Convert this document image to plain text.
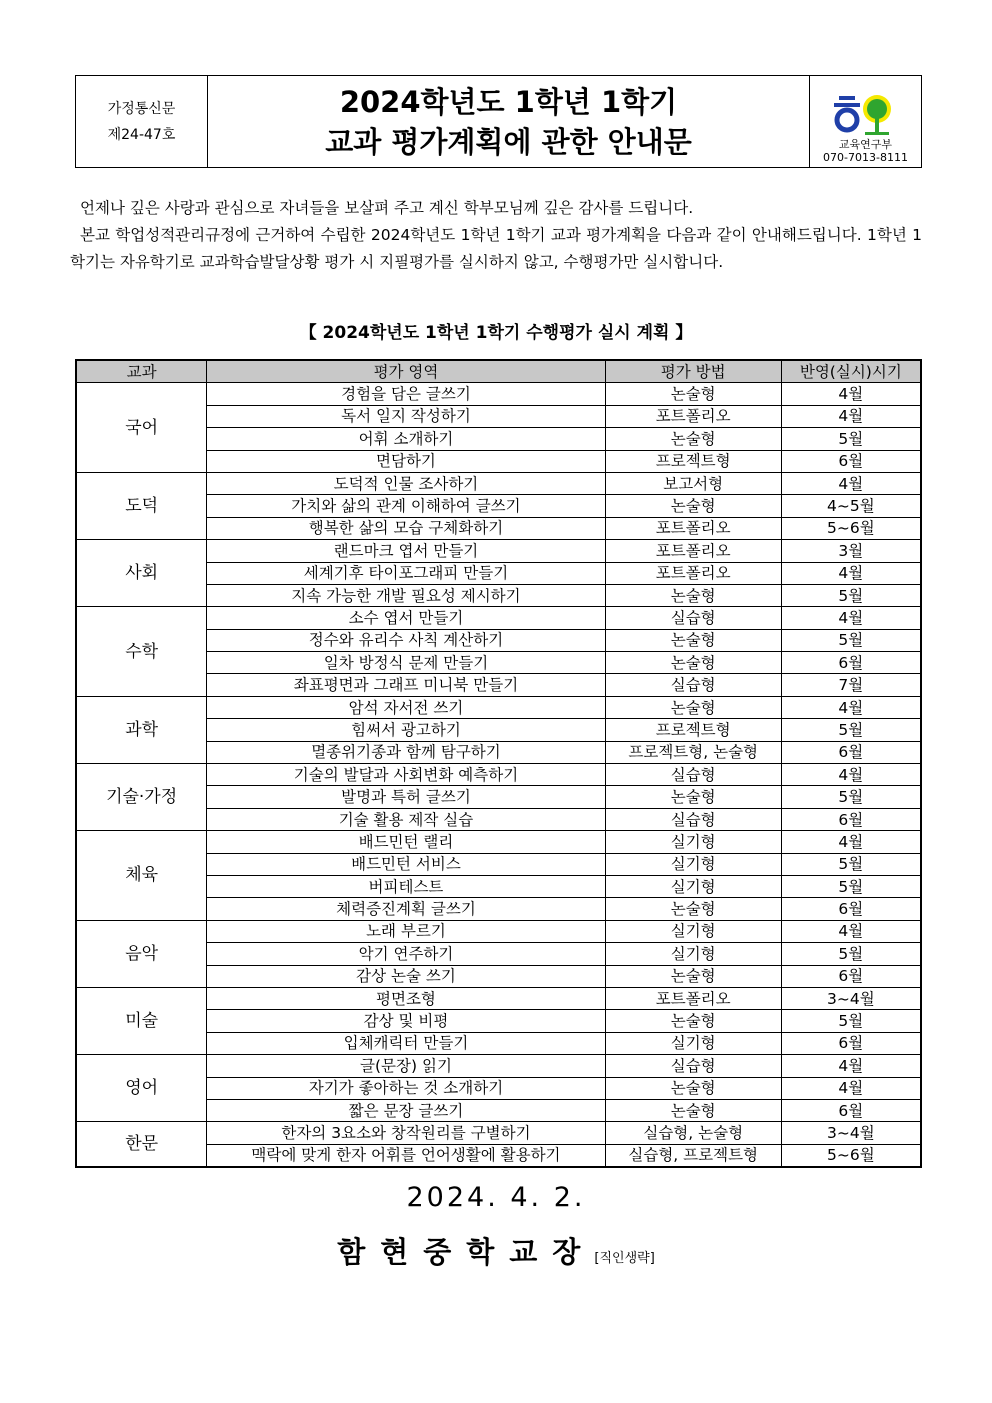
가정통신문
제24-47호
2024학년도 1학년 1학기
교과 평가계획에 관한 안내문	교육연구부
070-7013-8111

언제나 깊은 사랑과 관심으로 자녀들을 보살펴 주고 계신 학부모님께 깊은 감사를 드립니다.

본교 학업성적관리규정에 근거하여 수립한 2024학년도 1학년 1학기 교과 평가계획을 다음과 같이 안내해드립니다. 1학년 1학기는 자유학기로 교과학습발달상황 평가 시 지필평가를 실시하지 않고, 수행평가만 실시합니다.

【 2024학년도 1학년 1학기 수행평가 실시 계획 】
교과	평가 영역	평가 방법	반영(실시)시기
국어	경험을 담은 글쓰기	논술형	4월
	독서 일지 작성하기	포트폴리오	4월
	어휘 소개하기	논술형	5월
	면담하기	프로젝트형	6월
도덕	도덕적 인물 조사하기	보고서형	4월
	가치와 삶의 관계 이해하여 글쓰기	논술형	4~5월
	행복한 삶의 모습 구체화하기	포트폴리오	5~6월
사회	랜드마크 엽서 만들기	포트폴리오	3월
	세계기후 타이포그래피 만들기	포트폴리오	4월
	지속 가능한 개발 필요성 제시하기	논술형	5월
수학	소수 엽서 만들기	실습형	4월
	정수와 유리수 사칙 계산하기	논술형	5월
	일차 방정식 문제 만들기	논술형	6월
	좌표평면과 그래프 미니북 만들기	실습형	7월
과학	암석 자서전 쓰기	논술형	4월
	힘써서 광고하기	프로젝트형	5월
	멸종위기종과 함께 탐구하기	프로젝트형, 논술형	6월
기술·가정	기술의 발달과 사회변화 예측하기	실습형	4월
	발명과 특허 글쓰기	논술형	5월
	기술 활용 제작 실습	실습형	6월
체육	배드민턴 랠리	실기형	4월
	배드민턴 서비스	실기형	5월
	버피테스트	실기형	5월
	체력증진계획 글쓰기	논술형	6월
음악	노래 부르기	실기형	4월
	악기 연주하기	실기형	5월
	감상 논술 쓰기	논술형	6월
미술	평면조형	포트폴리오	3~4월
	감상 및 비평	논술형	5월
	입체캐릭터 만들기	실기형	6월
영어	글(문장) 읽기	실습형	4월
	자기가 좋아하는 것 소개하기	논술형	4월
	짧은 문장 글쓰기	논술형	6월
한문	한자의 3요소와 창작원리를 구별하기	실습형, 논술형	3~4월
	맥락에 맞게 한자 어휘를 언어생활에 활용하기	실습형, 프로젝트형	5~6월
2024. 4. 2.
함현중학교장 [직인생략]
